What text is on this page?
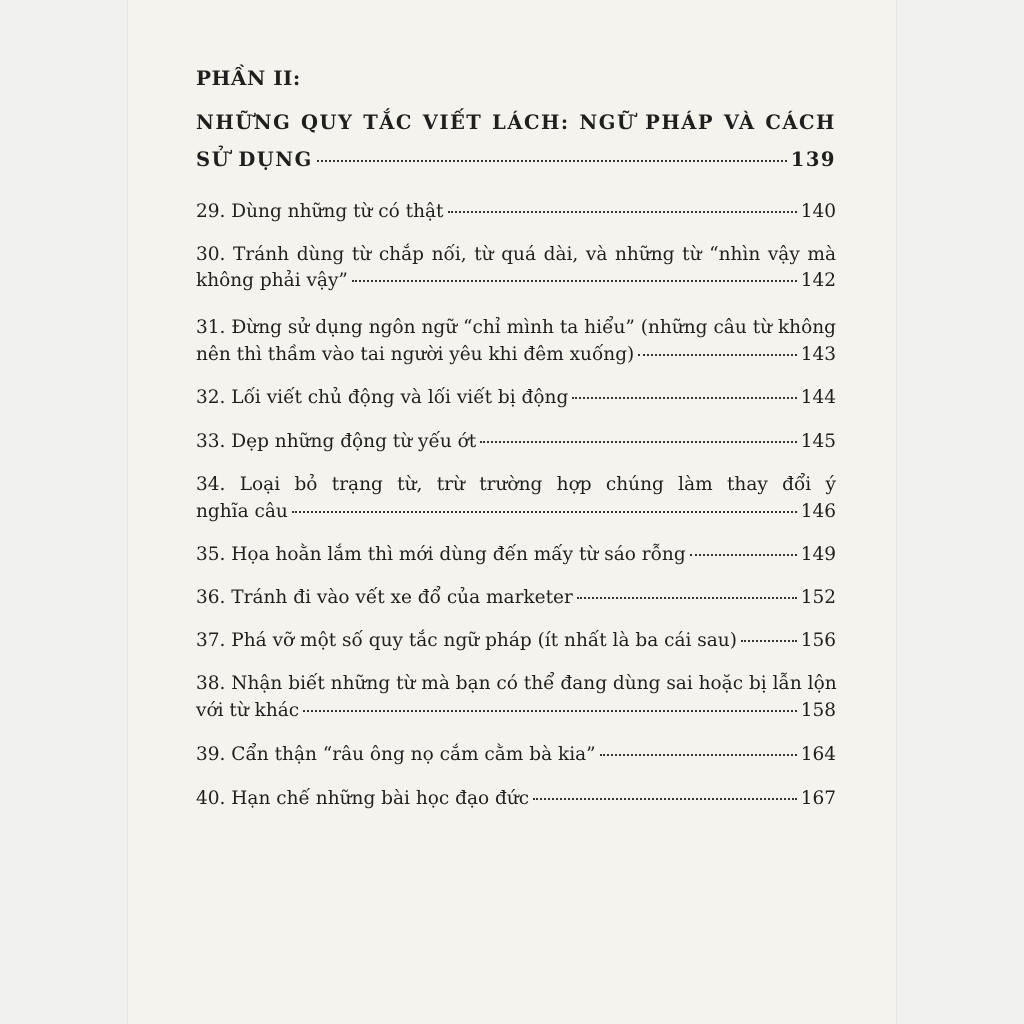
PHẦN II:
NHỮNG QUY TẮC VIẾT LÁCH: NGỮ PHÁP VÀ CÁCH
SỬ DỤNG	139
29. Dùng những từ có thật	140
30. Tránh dùng từ chắp nối, từ quá dài, và những từ “nhìn vậy mà
không phải vậy”	142
31. Đừng sử dụng ngôn ngữ “chỉ mình ta hiểu” (những câu từ không
nên thì thầm vào tai người yêu khi đêm xuống)	143
32. Lối viết chủ động và lối viết bị động	144
33. Dẹp những động từ yếu ớt	145
34. Loại bỏ trạng từ, trừ trường hợp chúng làm thay đổi ý
nghĩa câu	146
35. Họa hoằn lắm thì mới dùng đến mấy từ sáo rỗng	149
36. Tránh đi vào vết xe đổ của marketer	152
37. Phá vỡ một số quy tắc ngữ pháp (ít nhất là ba cái sau)	156
38. Nhận biết những từ mà bạn có thể đang dùng sai hoặc bị lẫn lộn
với từ khác	158
39. Cẩn thận “râu ông nọ cắm cằm bà kia”	164
40. Hạn chế những bài học đạo đức	167
